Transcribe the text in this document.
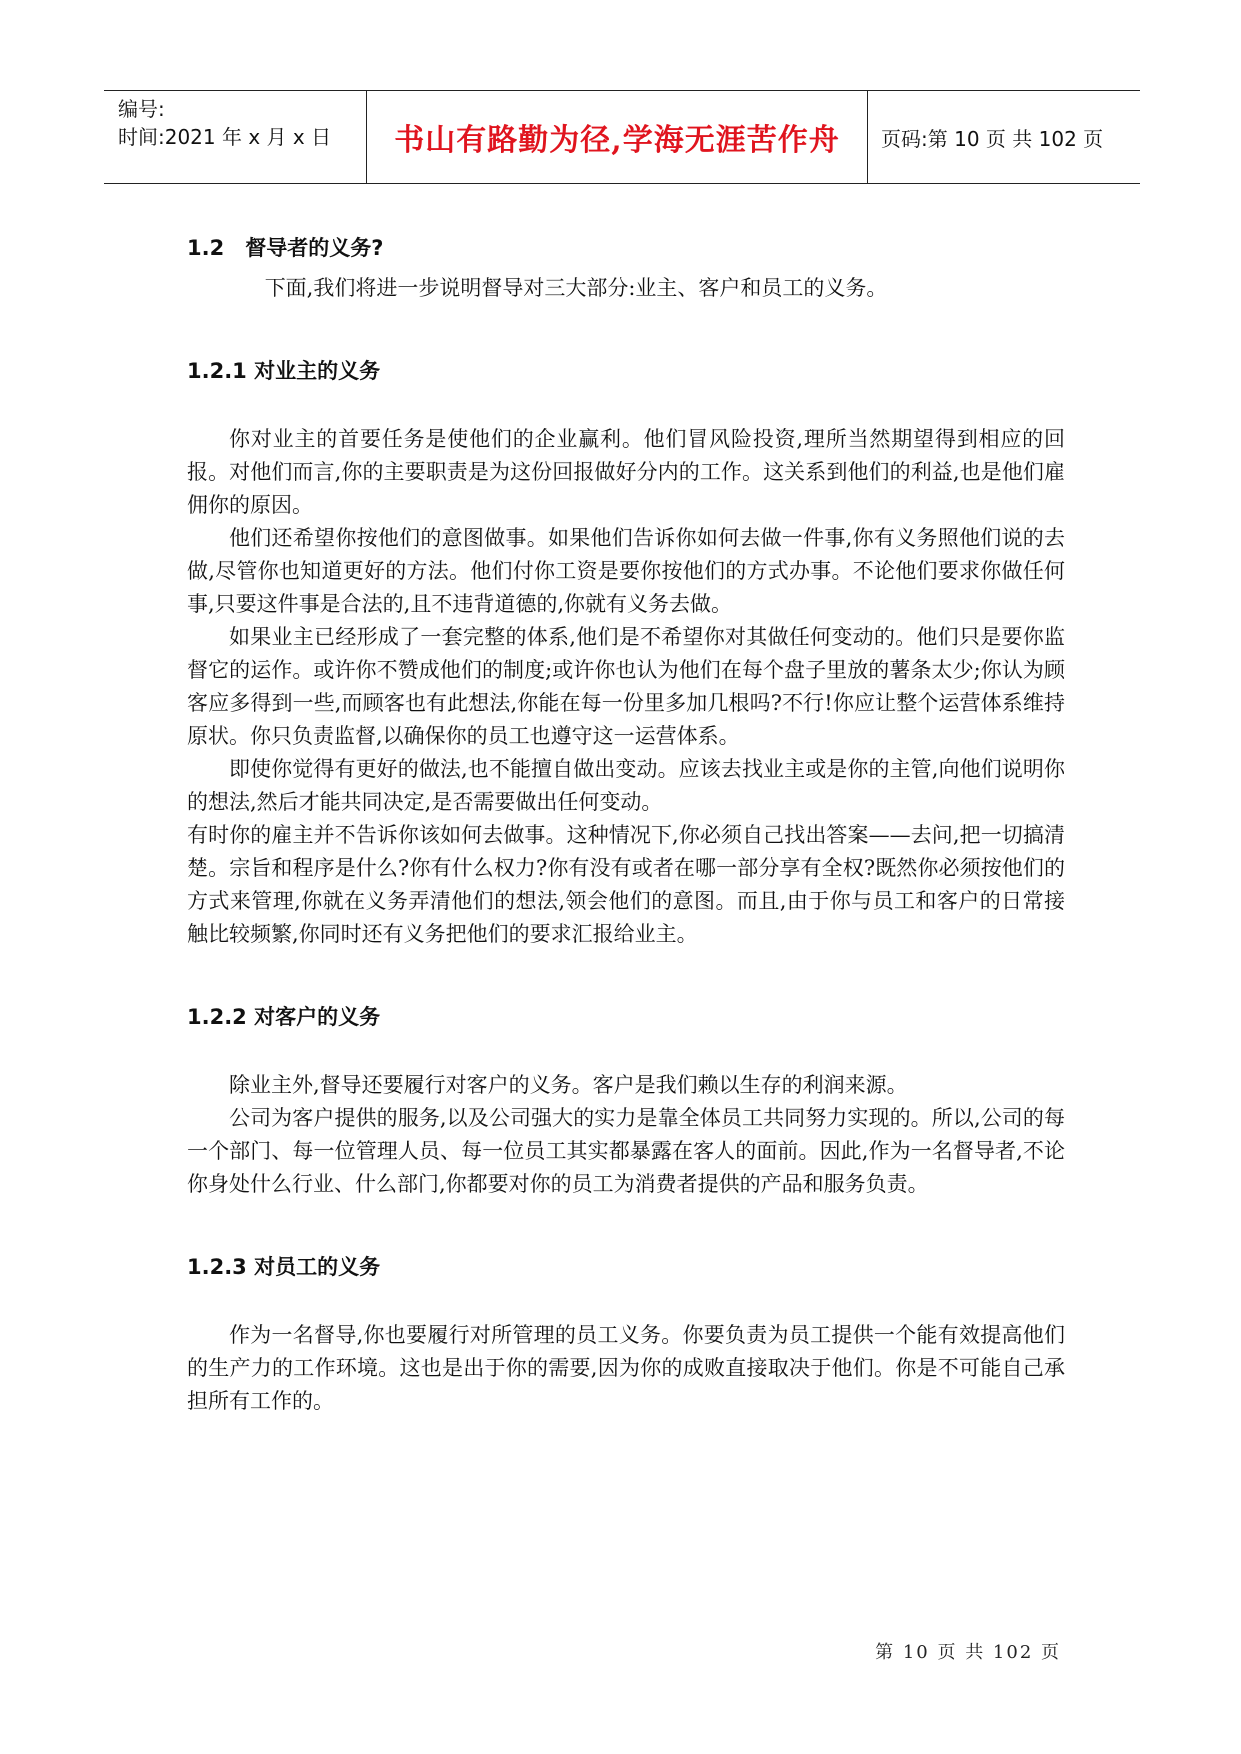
编号:
时间:2021 年 x 月 x 日 书山有路勤为径,学海无涯苦作舟 页码:第 10 页 共 102 页
1.2　督导者的义务?

下面,我们将进一步说明督导对三大部分:业主、客户和员工的义务。

1.2.1 对业主的义务

你对业主的首要任务是使他们的企业赢利。他们冒风险投资,理所当然期望得到相应的回报。对他们而言,你的主要职责是为这份回报做好分内的工作。这关系到他们的利益,也是他们雇佣你的原因。

他们还希望你按他们的意图做事。如果他们告诉你如何去做一件事,你有义务照他们说的去做,尽管你也知道更好的方法。他们付你工资是要你按他们的方式办事。不论他们要求你做任何事,只要这件事是合法的,且不违背道德的,你就有义务去做。

如果业主已经形成了一套完整的体系,他们是不希望你对其做任何变动的。他们只是要你监督它的运作。或许你不赞成他们的制度;或许你也认为他们在每个盘子里放的薯条太少;你认为顾客应多得到一些,而顾客也有此想法,你能在每一份里多加几根吗?不行!你应让整个运营体系维持原状。你只负责监督,以确保你的员工也遵守这一运营体系。

即使你觉得有更好的做法,也不能擅自做出变动。应该去找业主或是你的主管,向他们说明你的想法,然后才能共同决定,是否需要做出任何变动。

有时你的雇主并不告诉你该如何去做事。这种情况下,你必须自己找出答案——去问,把一切搞清楚。宗旨和程序是什么?你有什么权力?你有没有或者在哪一部分享有全权?既然你必须按他们的方式来管理,你就在义务弄清他们的想法,领会他们的意图。而且,由于你与员工和客户的日常接触比较频繁,你同时还有义务把他们的要求汇报给业主。

1.2.2 对客户的义务

除业主外,督导还要履行对客户的义务。客户是我们赖以生存的利润来源。

公司为客户提供的服务,以及公司强大的实力是靠全体员工共同努力实现的。所以,公司的每一个部门、每一位管理人员、每一位员工其实都暴露在客人的面前。因此,作为一名督导者,不论你身处什么行业、什么部门,你都要对你的员工为消费者提供的产品和服务负责。

1.2.3 对员工的义务

作为一名督导,你也要履行对所管理的员工义务。你要负责为员工提供一个能有效提高他们的生产力的工作环境。这也是出于你的需要,因为你的成败直接取决于他们。你是不可能自己承担所有工作的。

第 10 页 共 102 页
